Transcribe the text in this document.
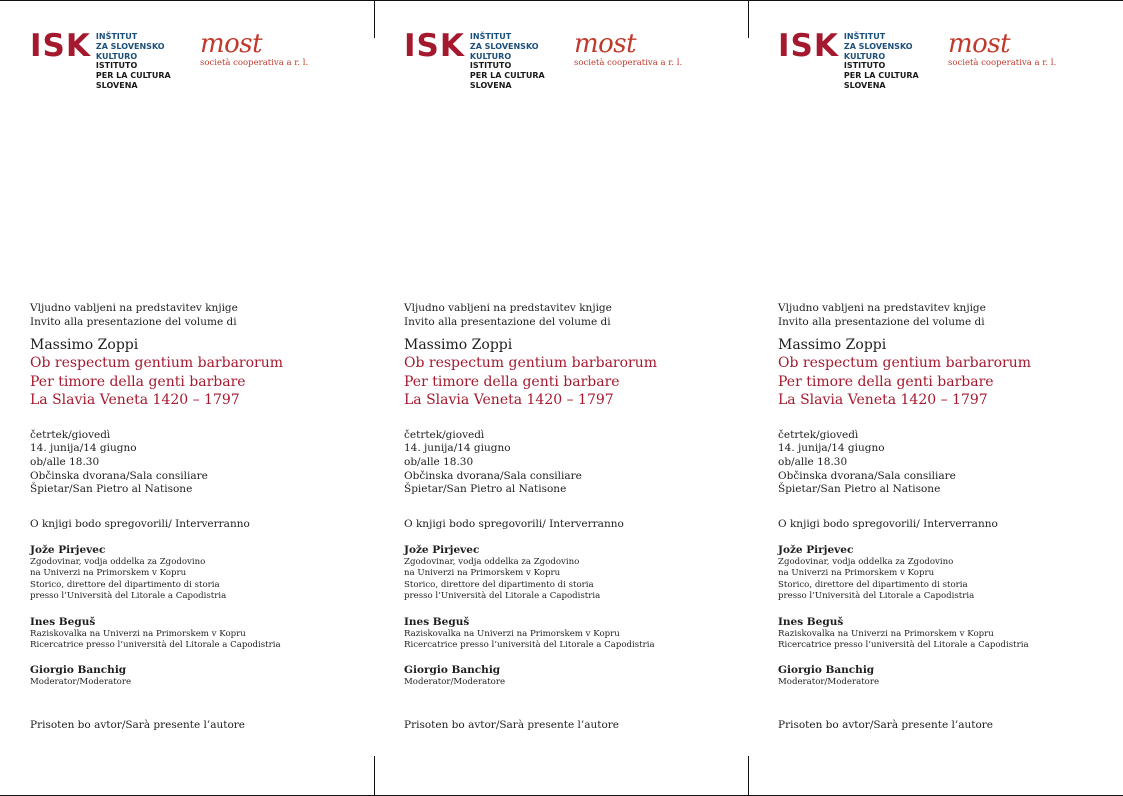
ISK INŠTITUT
ZA SLOVENSKO
KULTURO
ISTITUTO
PER LA CULTURA
SLOVENA
most
società cooperativa a r. l.
Vljudno vabljeni na predstavitev knjige
Invito alla presentazione del volume di
Massimo Zoppi
Ob respectum gentium barbarorum
Per timore della genti barbare
La Slavia Veneta 1420 – 1797
četrtek/giovedì
14. junija/14 giugno
ob/alle 18.30
Občinska dvorana/Sala consiliare
Špietar/San Pietro al Natisone
O knjigi bodo spregovorili/ Interverranno
Jože Pirjevec
Zgodovinar, vodja oddelka za Zgodovino
na Univerzi na Primorskem v Kopru
Storico, direttore del dipartimento di storia
presso l’Università del Litorale a Capodistria
Ines Beguš
Raziskovalka na Univerzi na Primorskem v Kopru
Ricercatrice presso l’università del Litorale a Capodistria
Giorgio Banchig
Moderator/Moderatore
Prisoten bo avtor/Sarà presente l’autore
ISK INŠTITUT
ZA SLOVENSKO
KULTURO
ISTITUTO
PER LA CULTURA
SLOVENA
most
società cooperativa a r. l.
Vljudno vabljeni na predstavitev knjige
Invito alla presentazione del volume di
Massimo Zoppi
Ob respectum gentium barbarorum
Per timore della genti barbare
La Slavia Veneta 1420 – 1797
četrtek/giovedì
14. junija/14 giugno
ob/alle 18.30
Občinska dvorana/Sala consiliare
Špietar/San Pietro al Natisone
O knjigi bodo spregovorili/ Interverranno
Jože Pirjevec
Zgodovinar, vodja oddelka za Zgodovino
na Univerzi na Primorskem v Kopru
Storico, direttore del dipartimento di storia
presso l’Università del Litorale a Capodistria
Ines Beguš
Raziskovalka na Univerzi na Primorskem v Kopru
Ricercatrice presso l’università del Litorale a Capodistria
Giorgio Banchig
Moderator/Moderatore
Prisoten bo avtor/Sarà presente l’autore
ISK INŠTITUT
ZA SLOVENSKO
KULTURO
ISTITUTO
PER LA CULTURA
SLOVENA
most
società cooperativa a r. l.
Vljudno vabljeni na predstavitev knjige
Invito alla presentazione del volume di
Massimo Zoppi
Ob respectum gentium barbarorum
Per timore della genti barbare
La Slavia Veneta 1420 – 1797
četrtek/giovedì
14. junija/14 giugno
ob/alle 18.30
Občinska dvorana/Sala consiliare
Špietar/San Pietro al Natisone
O knjigi bodo spregovorili/ Interverranno
Jože Pirjevec
Zgodovinar, vodja oddelka za Zgodovino
na Univerzi na Primorskem v Kopru
Storico, direttore del dipartimento di storia
presso l’Università del Litorale a Capodistria
Ines Beguš
Raziskovalka na Univerzi na Primorskem v Kopru
Ricercatrice presso l’università del Litorale a Capodistria
Giorgio Banchig
Moderator/Moderatore
Prisoten bo avtor/Sarà presente l’autore
